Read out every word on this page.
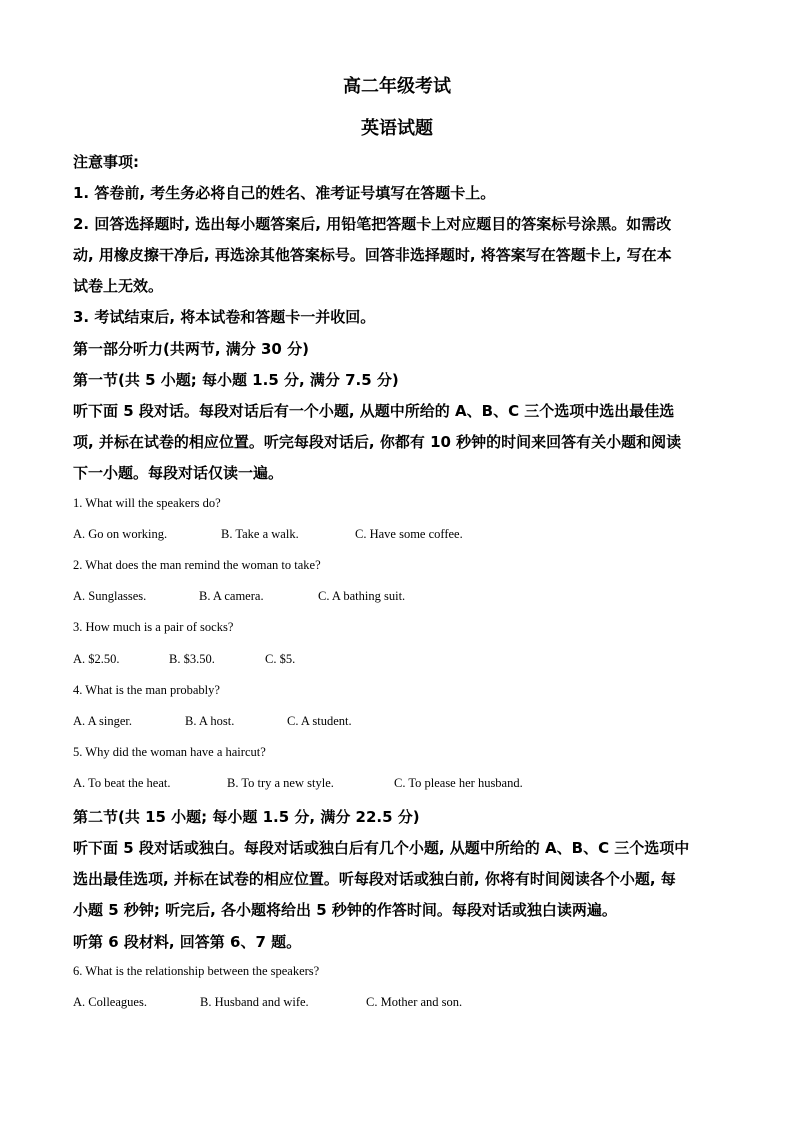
高二年级考试
英语试题
注意事项:
1. 答卷前, 考生务必将自己的姓名、准考证号填写在答题卡上。
2. 回答选择题时, 选出每小题答案后, 用铅笔把答题卡上对应题目的答案标号涂黑。如需改
动, 用橡皮擦干净后, 再选涂其他答案标号。回答非选择题时, 将答案写在答题卡上, 写在本
试卷上无效。
3. 考试结束后, 将本试卷和答题卡一并收回。
第一部分听力(共两节, 满分 30 分)
第一节(共 5 小题; 每小题 1.5 分, 满分 7.5 分)
听下面 5 段对话。每段对话后有一个小题, 从题中所给的 A、B、C 三个选项中选出最佳选
项, 并标在试卷的相应位置。听完每段对话后, 你都有 10 秒钟的时间来回答有关小题和阅读
下一小题。每段对话仅读一遍。
1. What will the speakers do?
A. Go on working.	B. Take a walk.	C. Have some coffee.
2. What does the man remind the woman to take?
A. Sunglasses.	B. A camera.	C. A bathing suit.
3. How much is a pair of socks?
A. $2.50.	B. $3.50.	C. $5.
4. What is the man probably?
A. A singer.	B. A host.	C. A student.
5. Why did the woman have a haircut?
A. To beat the heat.	B. To try a new style.	C. To please her husband.
第二节(共 15 小题; 每小题 1.5 分, 满分 22.5 分)
听下面 5 段对话或独白。每段对话或独白后有几个小题, 从题中所给的 A、B、C 三个选项中
选出最佳选项, 并标在试卷的相应位置。听每段对话或独白前, 你将有时间阅读各个小题, 每
小题 5 秒钟; 听完后, 各小题将给出 5 秒钟的作答时间。每段对话或独白读两遍。
听第 6 段材料, 回答第 6、7 题。
6. What is the relationship between the speakers?
A. Colleagues.	B. Husband and wife.	C. Mother and son.
